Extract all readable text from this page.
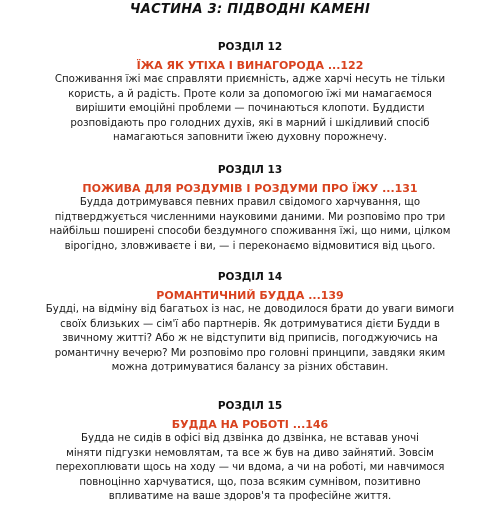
ЧАСТИНА 3: ПІДВОДНІ КАМЕНІ
РОЗДІЛ 12
ЇЖА ЯК УТІХА І ВИНАГОРОДА ...122
Споживання їжі має справляти приємність, адже харчі несуть не тільки
користь, а й радість. Проте коли за допомогою їжі ми намагаємося
вирішити емоційні проблеми — починаються клопоти. Буддисти
розповідають про голодних духів, які в марний і шкідливий спосіб
намагаються заповнити їжею духовну порожнечу.
РОЗДІЛ 13
ПОЖИВА ДЛЯ РОЗДУМІВ І РОЗДУМИ ПРО ЇЖУ ...131
Будда дотримувався певних правил свідомого харчування, що
підтверджується численними науковими даними. Ми розповімо про три
найбільш поширені способи бездумного споживання їжі, що ними, цілком
вірогідно, зловживаєте і ви, — і переконаємо відмовитися від цього.
РОЗДІЛ 14
РОМАНТИЧНИЙ БУДДА ...139
Будді, на відміну від багатьох із нас, не доводилося брати до уваги вимоги
своїх близьких — сім'ї або партнерів. Як дотримуватися дієти Будди в
звичному житті? Або ж не відступити від приписів, погоджуючись на
романтичну вечерю? Ми розповімо про головні принципи, завдяки яким
можна дотримуватися балансу за різних обставин.
РОЗДІЛ 15
БУДДА НА РОБОТІ ...146
Будда не сидів в офісі від дзвінка до дзвінка, не вставав уночі
міняти підгузки немовлятам, та все ж був на диво зайнятий. Зовсім
перехоплювати щось на ходу — чи вдома, а чи на роботі, ми навчимося
повноцінно харчуватися, що, поза всяким сумнівом, позитивно
впливатиме на ваше здоров'я та професійне життя.
